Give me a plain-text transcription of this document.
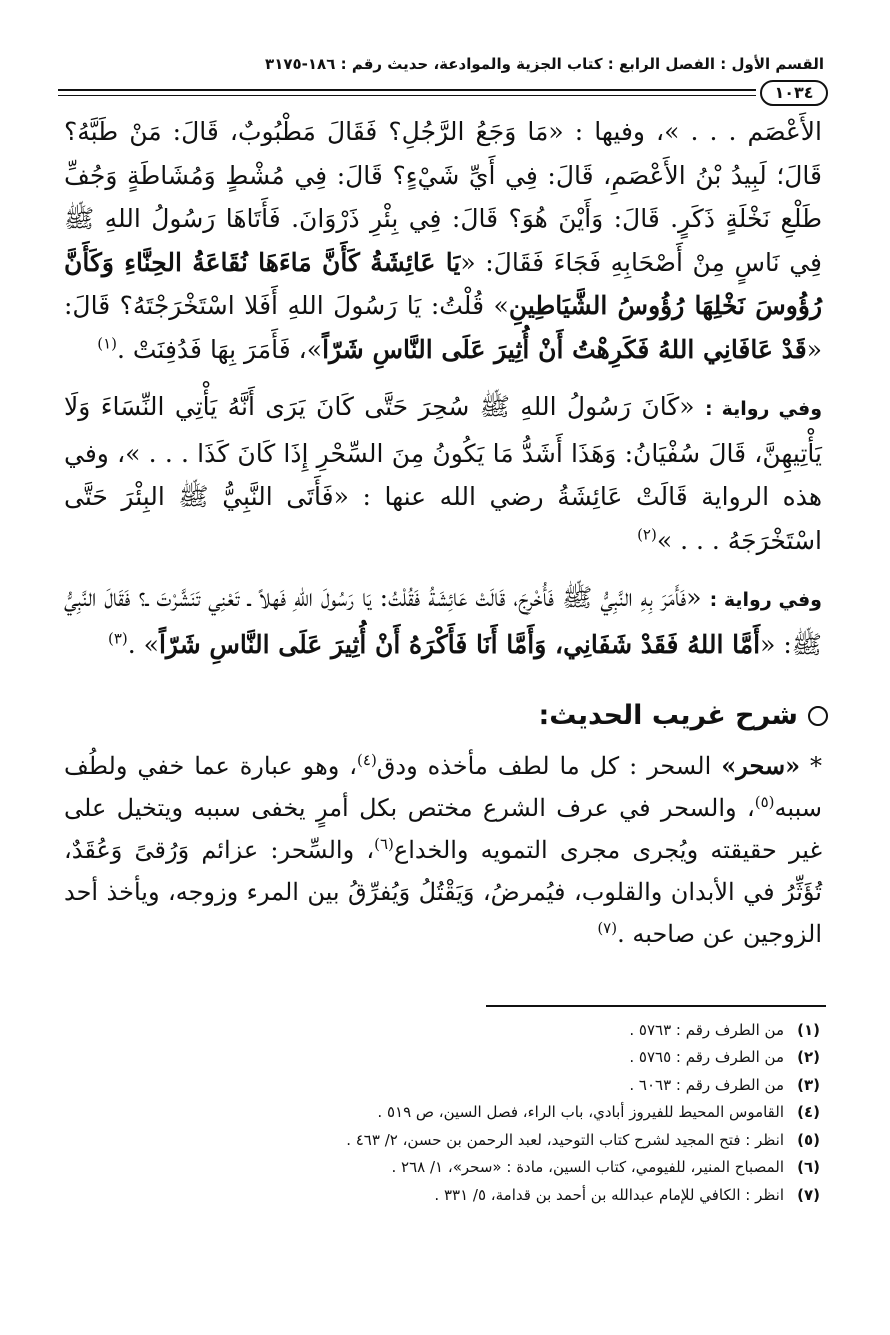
القسم الأول : الفصل الرابع : كتاب الجزية والموادعة، حديث رقم : ١٨٦-٣١٧٥
١٠٣٤
الأَعْصَم . . . »، وفيها : «مَا وَجَعُ الرَّجُلِ؟ فَقَالَ مَطْبُوبٌ، قَالَ: مَنْ طَبَّهُ؟ قَالَ؛ لَبِيدُ بْنُ الأَعْصَمِ، قَالَ: فِي أَيِّ شَيْءٍ؟ قَالَ: فِي مُشْطٍ وَمُشَاطَةٍ وَجُفِّ طَلْعِ نَخْلَةٍ ذَكَرٍ. قَالَ: وَأَيْنَ هُوَ؟ قَالَ: فِي بِئْرِ ذَرْوَانَ. فَأَتَاهَا رَسُولُ اللهِ ﷺ فِي نَاسٍ مِنْ أَصْحَابِهِ فَجَاءَ فَقَالَ: «يَا عَائِشَةُ كَأَنَّ مَاءَهَا نُقَاعَةُ الحِنَّاءِ وَكَأَنَّ رُؤُوسَ نَخْلِهَا رُؤُوسُ الشَّيَاطِينِ» قُلْتُ: يَا رَسُولَ اللهِ أَفَلا اسْتَخْرَجْتَهُ؟ قَالَ: «قَدْ عَافَانِي اللهُ فَكَرِهْتُ أَنْ أُثِيرَ عَلَى النَّاسِ شَرّاً»، فَأَمَرَ بِهَا فَدُفِنَتْ .$^{(١)}$
وفي رواية : «كَانَ رَسُولُ اللهِ ﷺ سُحِرَ حَتَّى كَانَ يَرَى أَنَّهُ يَأْتِي النِّسَاءَ وَلَا يَأْتِيهِنَّ، قَالَ سُفْيَانُ: وَهَذَا أَشَدُّ مَا يَكُونُ مِنَ السِّحْرِ إِذَا كَانَ كَذَا . . . »، وفي هذه الرواية قَالَتْ عَائِشَةُ رضي الله عنها : «فَأَتَى النَّبِيُّ ﷺ البِئْرَ حَتَّى اسْتَخْرَجَهُ . . . »$^{(٢)}$
وفي رواية : «فَأَمَرَ بِهِ النَّبِيُّ ﷺ فَأُخْرِجَ، قَالَتْ عَائِشَةُ فَقُلْتُ: يَا رَسُولَ اللهِ فَهلاً ـ تَعْنِي تَنَشَّرْتَ ـ؟ فَقَالَ النَّبِيُّ ﷺ: «أَمَّا اللهُ فَقَدْ شَفَانِي، وَأَمَّا أَنَا فَأَكْرَهُ أَنْ أُثِيرَ عَلَى النَّاسِ شَرّاً» .$^{(٣)}$
شرح غريب الحديث:
* «سحر» السحر : كل ما لطف مأخذه ودق$^{(٤)}$، وهو عبارة عما خفي ولطُف سببه$^{(٥)}$، والسحر في عرف الشرع مختص بكل أمرٍ يخفى سببه ويتخيل على غير حقيقته ويُجرى مجرى التمويه والخداع$^{(٦)}$، والسِّحر: عزائم وَرُقىً وَعُقَدٌ، تُؤَثِّرُ في الأبدان والقلوب، فيُمرضُ، وَيَقْتُلُ وَيُفرِّقُ بين المرء وزوجه، ويأخذ أحد الزوجين عن صاحبه .$^{(٧)}$
(١)
من الطرف رقم : ٥٧٦٣ .
(٢)
من الطرف رقم : ٥٧٦٥ .
(٣)
من الطرف رقم : ٦٠٦٣ .
(٤)
القاموس المحيط للفيروز أبادي، باب الراء، فصل السين، ص ٥١٩ .
(٥)
انظر : فتح المجيد لشرح كتاب التوحيد، لعبد الرحمن بن حسن، ٢/ ٤٦٣ .
(٦)
المصباح المنير، للفيومي، كتاب السين، مادة : «سحر»، ١/ ٢٦٨ .
(٧)
انظر : الكافي للإمام عبدالله بن أحمد بن قدامة، ٥/ ٣٣١ .
